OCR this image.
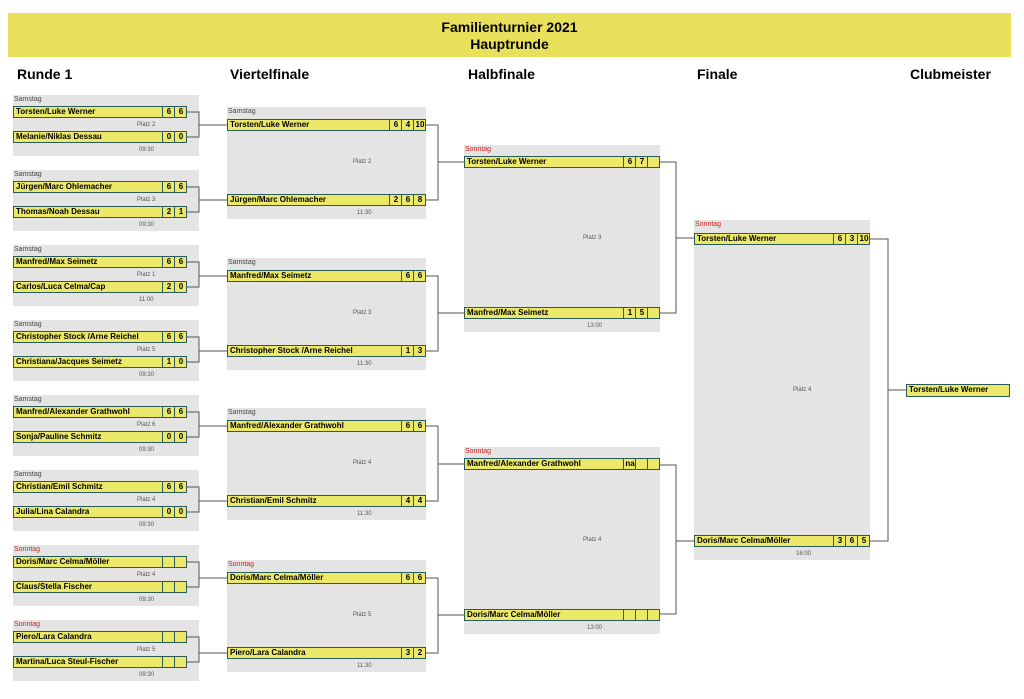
Familienturnier 2021
Hauptrunde
Runde 1	Viertelfinale	Halbfinale	Finale	Clubmeister
Samstag
Torsten/Luke Werner	6 6
Melanie/Niklas Dessau	0 0
Platz 2
09:30
Samstag
Jürgen/Marc Ohlemacher	6 6
Thomas/Noah Dessau	2 1
Platz 3
09:30
Samstag
Manfred/Max Seimetz	6 6
Carlos/Luca Celma/Cap	2 0
Platz 1
11:00
Samstag
Christopher Stock /Arne Reichel	6 6
Christiana/Jacques Seimetz	1 0
Platz 5
09:30
Samstag
Manfred/Alexander Grathwohl	6 6
Sonja/Pauline Schmitz	0 0
Platz 6
09:30
Samstag
Christian/Emil Schmitz	6 6
Julia/Lina Calandra	0 0
Platz 4
09:30
Sonntag
Doris/Marc Celma/Möller
Claus/Stella Fischer
Platz 4
09:30
Sonntag
Piero/Lara Calandra
Martina/Luca Steul-Fischer
Platz 5
09:30
Samstag
Torsten/Luke Werner	6 4 10
Jürgen/Marc Ohlemacher	2 6 8
Platz 2
11:30
Samstag
Manfred/Max Seimetz	6 6
Christopher Stock /Arne Reichel	1 3
Platz 3
11:30
Samstag
Manfred/Alexander Grathwohl	6 6
Christian/Emil Schmitz	4 4
Platz 4
11:30
Sonntag
Doris/Marc Celma/Möller	6 6
Piero/Lara Calandra	3 2
Platz 5
11:30
Sonntag
Torsten/Luke Werner	6 7
Manfred/Max Seimetz	1 5
Platz 3
13:00
Sonntag
Manfred/Alexander Grathwohl	na
Doris/Marc Celma/Möller
Platz 4
13:00
Sonntag
Torsten/Luke Werner	6 3 10
Doris/Marc Celma/Möller	3 6 5
Platz 4
16:00
Torsten/Luke Werner
